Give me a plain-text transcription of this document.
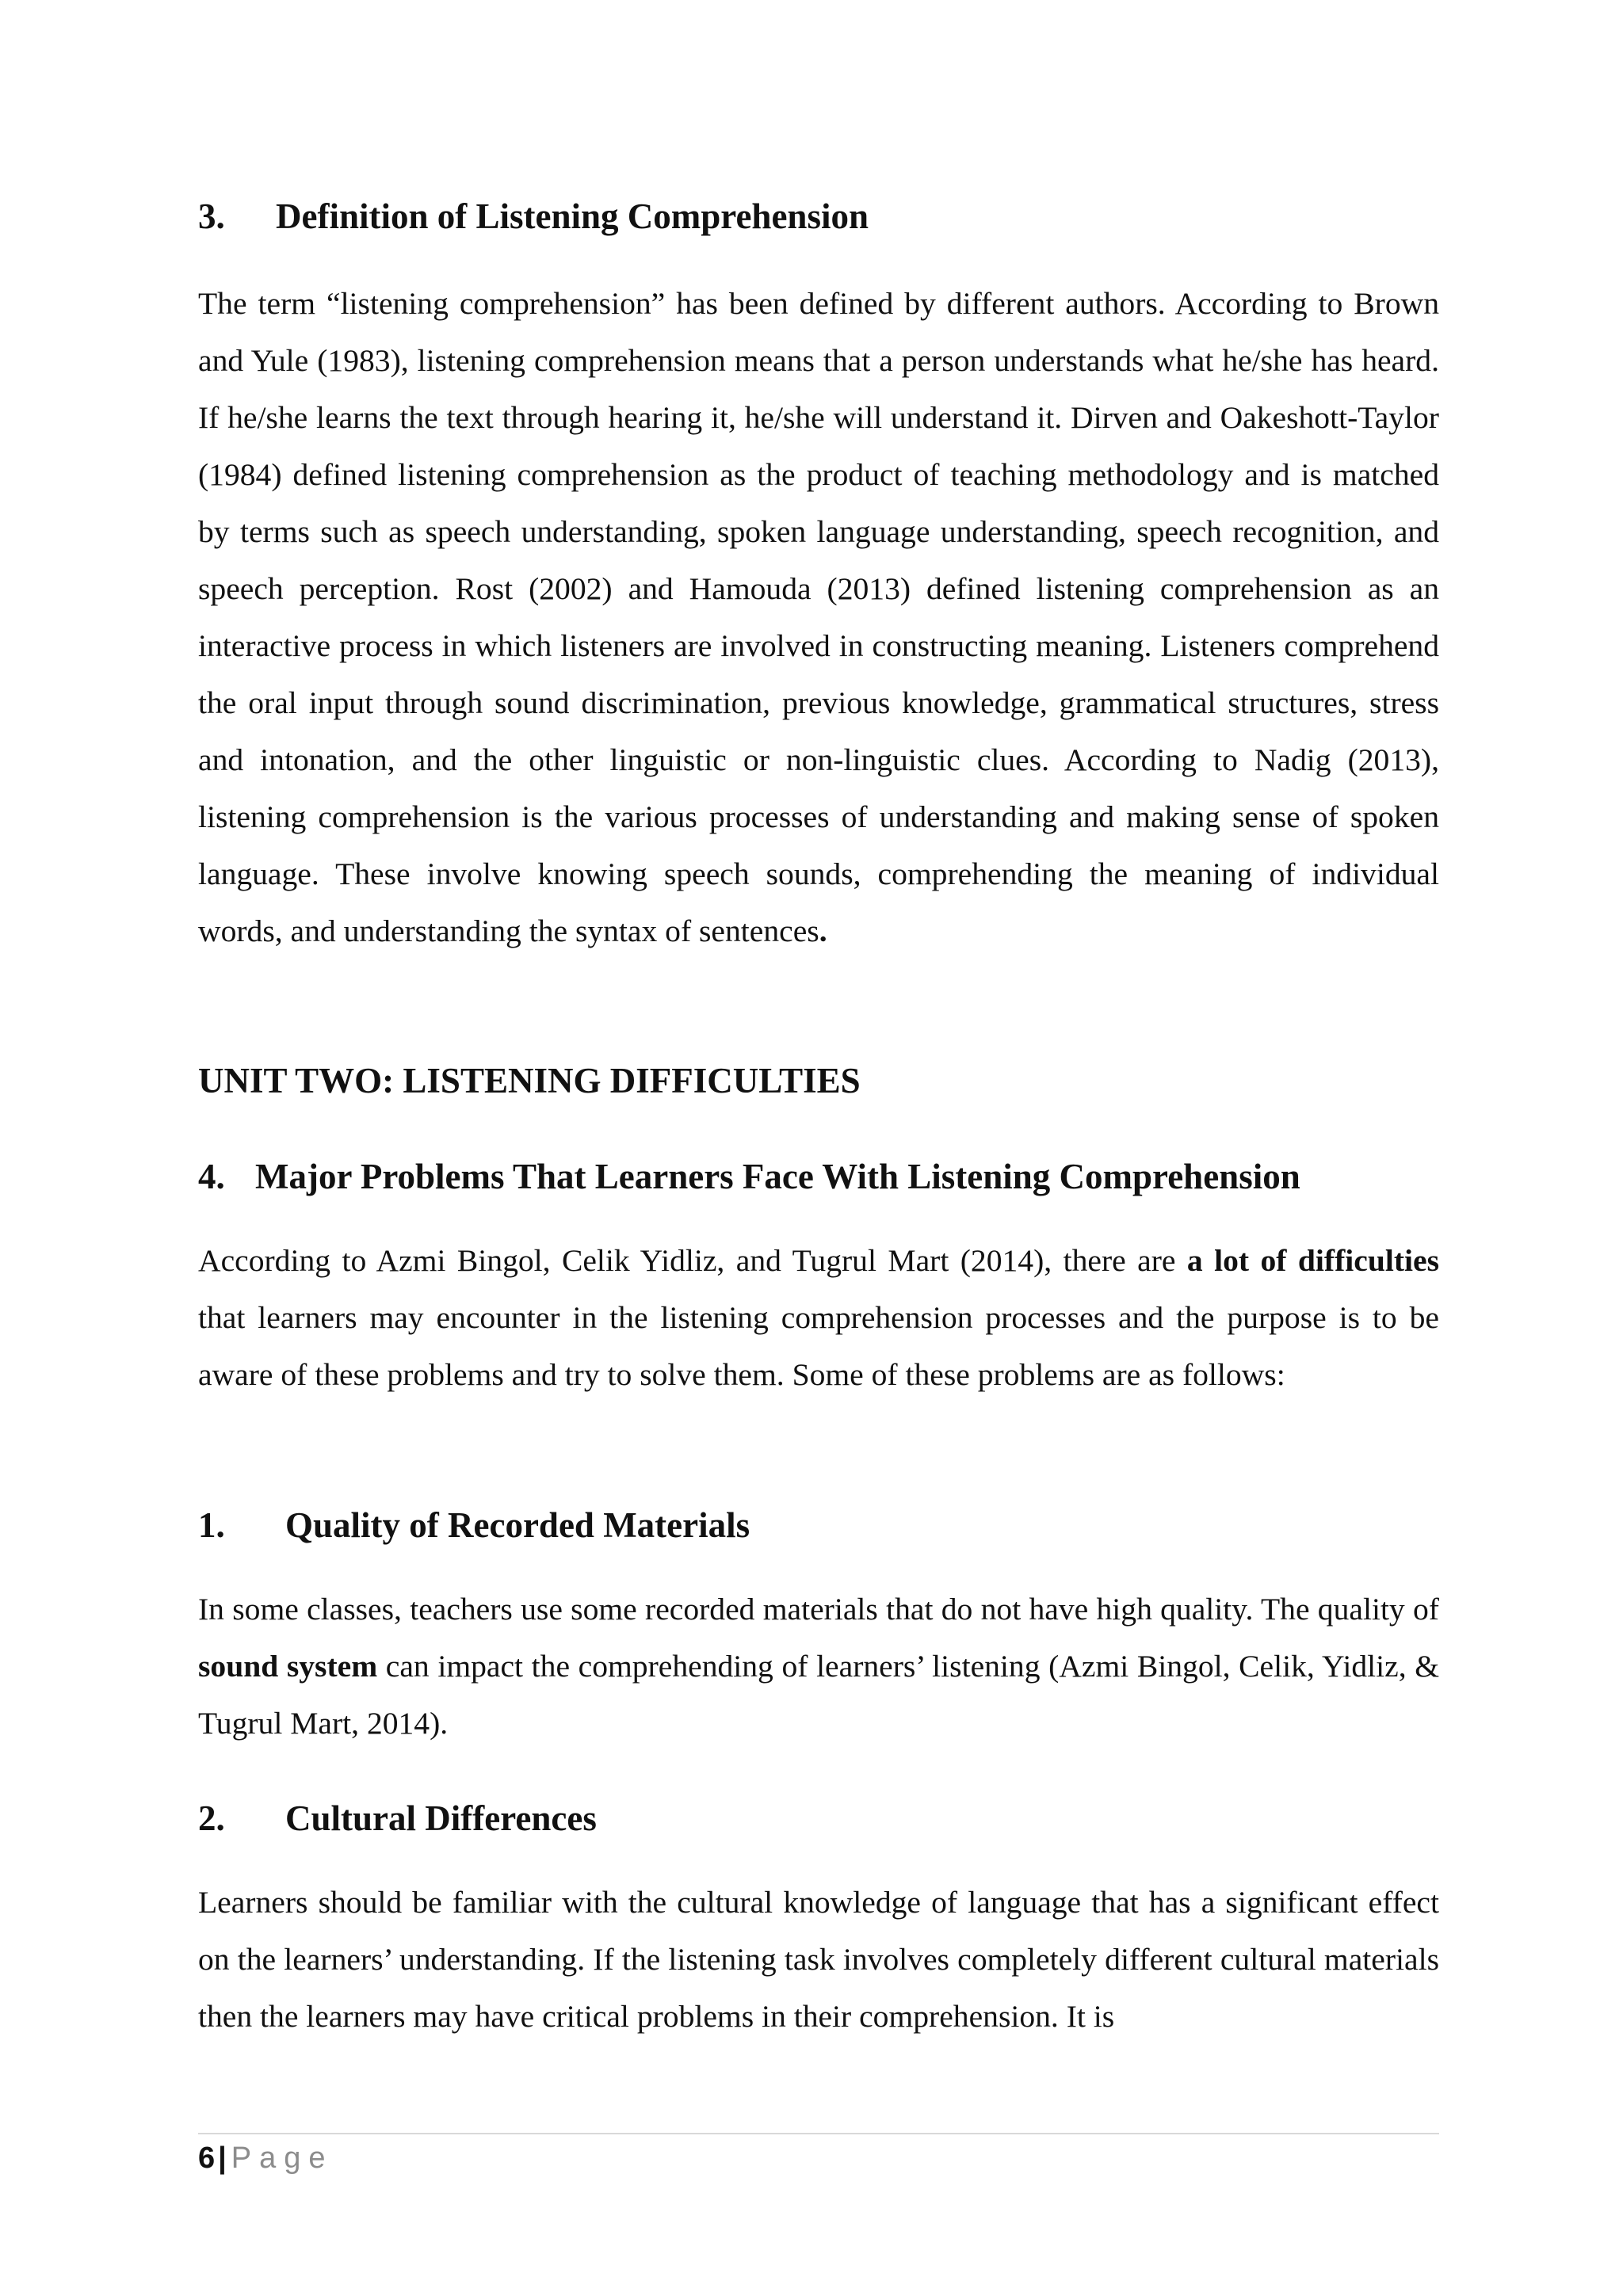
3. Definition of Listening Comprehension

The term “listening comprehension” has been defined by different authors. According to Brown and Yule (1983), listening comprehension means that a person understands what he/she has heard. If he/she learns the text through hearing it, he/she will understand it. Dirven and Oakeshott-Taylor (1984) defined listening comprehension as the product of teaching methodology and is matched by terms such as speech understanding, spoken language understanding, speech recognition, and speech perception. Rost (2002) and Hamouda (2013) defined listening comprehension as an interactive process in which listeners are involved in constructing meaning. Listeners comprehend the oral input through sound discrimination, previous knowledge, grammatical structures, stress and intonation, and the other linguistic or non-linguistic clues. According to Nadig (2013), listening comprehension is the various processes of understanding and making sense of spoken language. These involve knowing speech sounds, comprehending the meaning of individual words, and understanding the syntax of sentences.

UNIT TWO: LISTENING DIFFICULTIES
4. Major Problems That Learners Face With Listening Comprehension

According to Azmi Bingol, Celik Yidliz, and Tugrul Mart (2014), there are a lot of difficulties that learners may encounter in the listening comprehension processes and the purpose is to be aware of these problems and try to solve them. Some of these problems are as follows:

1. Quality of Recorded Materials

In some classes, teachers use some recorded materials that do not have high quality. The quality of sound system can impact the comprehending of learners’ listening (Azmi Bingol, Celik, Yidliz, & Tugrul Mart, 2014).

2. Cultural Differences

Learners should be familiar with the cultural knowledge of language that has a significant effect on the learners’ understanding. If the listening task involves completely different cultural materials then the learners may have critical problems in their comprehension. It is

6 | Page
